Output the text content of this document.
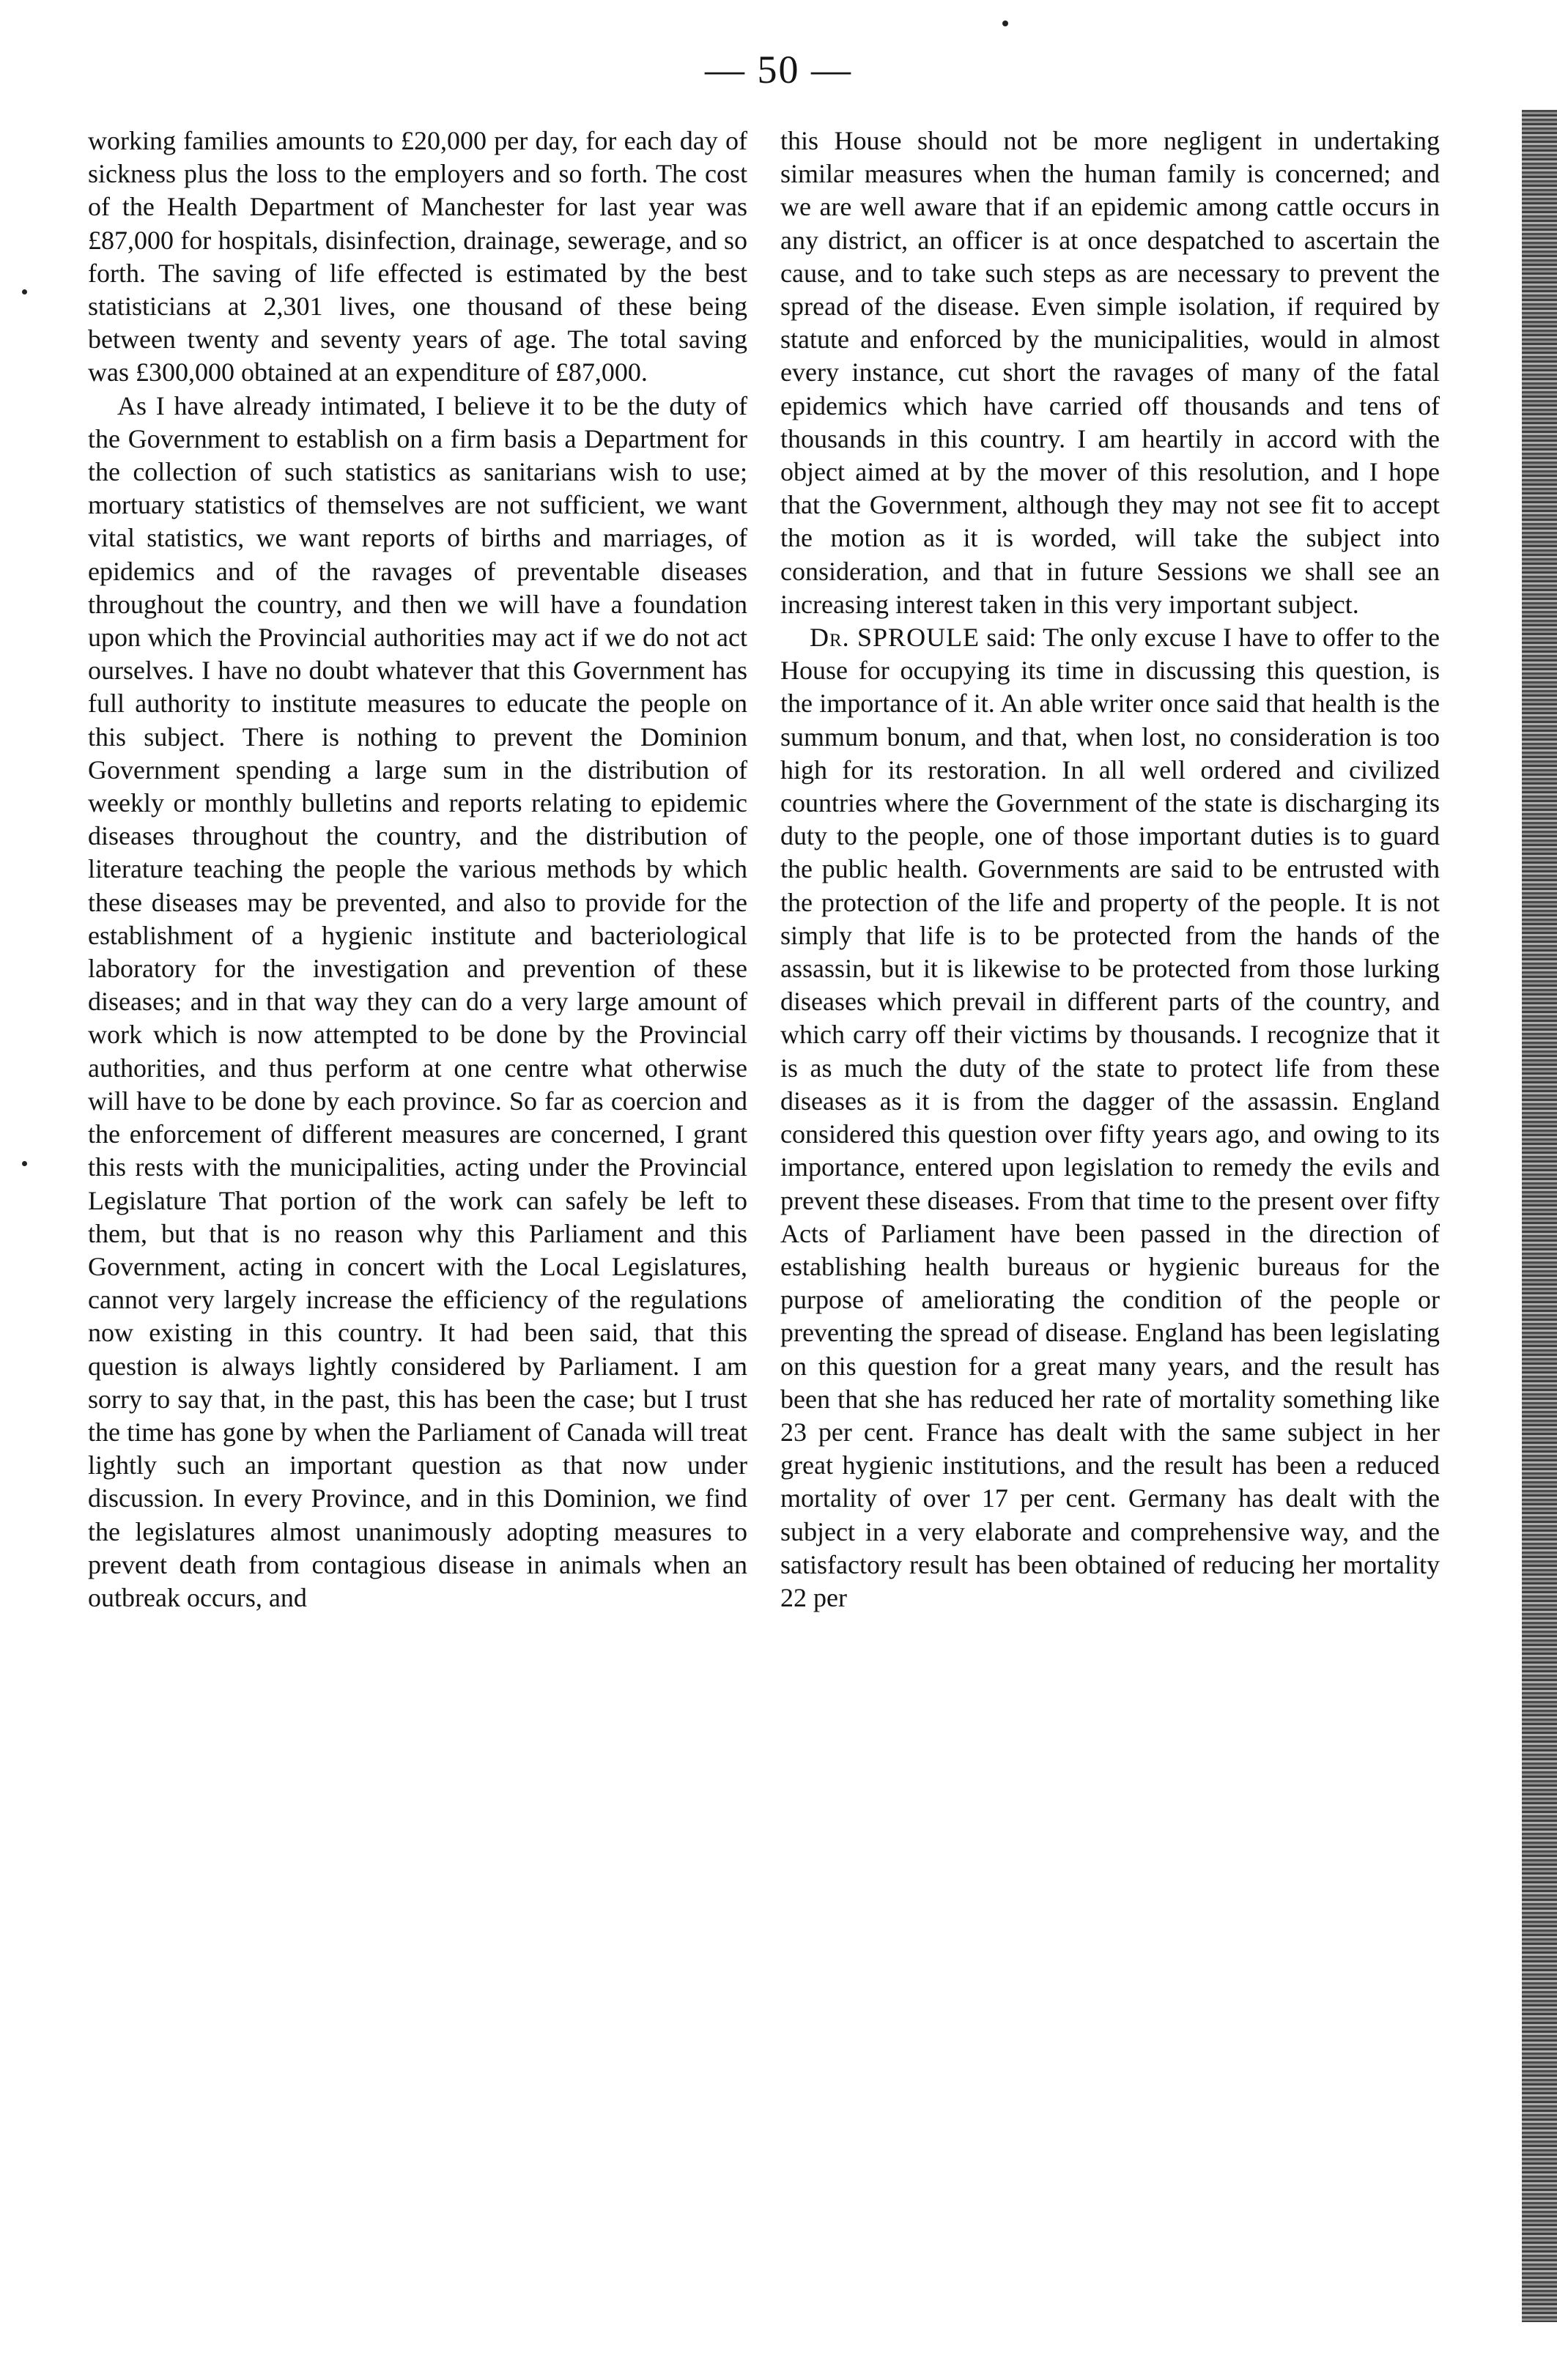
— 50 —

working families amounts to £20,000 per day, for each day of sickness plus the loss to the employers and so forth. The cost of the Health Department of Manchester for last year was £87,000 for hospitals, disinfection, drainage, sewerage, and so forth. The saving of life effected is estimated by the best statisticians at 2,301 lives, one thousand of these being between twenty and seventy years of age. The total saving was £300,000 obtained at an expenditure of £87,000.

As I have already intimated, I believe it to be the duty of the Government to establish on a firm basis a Department for the collection of such statistics as sanitarians wish to use; mortuary statistics of themselves are not sufficient, we want vital statistics, we want reports of births and marriages, of epidemics and of the ravages of preventable diseases throughout the country, and then we will have a foundation upon which the Provincial authorities may act if we do not act ourselves. I have no doubt whatever that this Government has full authority to institute measures to educate the people on this subject. There is nothing to prevent the Dominion Government spending a large sum in the distribution of weekly or monthly bulletins and reports relating to epidemic diseases throughout the country, and the distribution of literature teaching the people the various methods by which these diseases may be prevented, and also to provide for the establishment of a hygienic institute and bacteriological laboratory for the investigation and prevention of these diseases; and in that way they can do a very large amount of work which is now attempted to be done by the Provincial authorities, and thus perform at one centre what otherwise will have to be done by each province. So far as coercion and the enforcement of different measures are concerned, I grant this rests with the municipalities, acting under the Provincial Legislature That portion of the work can safely be left to them, but that is no reason why this Parliament and this Government, acting in concert with the Local Legislatures, cannot very largely increase the efficiency of the regulations now existing in this country. It had been said, that this question is always lightly considered by Parliament. I am sorry to say that, in the past, this has been the case; but I trust the time has gone by when the Parliament of Canada will treat lightly such an important question as that now under discussion. In every Province, and in this Dominion, we find the legislatures almost unanimously adopting measures to prevent death from contagious disease in animals when an outbreak occurs, and

this House should not be more negligent in undertaking similar measures when the human family is concerned; and we are well aware that if an epidemic among cattle occurs in any district, an officer is at once despatched to ascertain the cause, and to take such steps as are necessary to prevent the spread of the disease. Even simple isolation, if required by statute and enforced by the municipalities, would in almost every instance, cut short the ravages of many of the fatal epidemics which have carried off thousands and tens of thousands in this country. I am heartily in accord with the object aimed at by the mover of this resolution, and I hope that the Government, although they may not see fit to accept the motion as it is worded, will take the subject into consideration, and that in future Sessions we shall see an increasing interest taken in this very important subject.

Dr. SPROULE said: The only excuse I have to offer to the House for occupying its time in discussing this question, is the importance of it. An able writer once said that health is the summum bonum, and that, when lost, no consideration is too high for its restoration. In all well ordered and civilized countries where the Government of the state is discharging its duty to the people, one of those important duties is to guard the public health. Governments are said to be entrusted with the protection of the life and property of the people. It is not simply that life is to be protected from the hands of the assassin, but it is likewise to be protected from those lurking diseases which prevail in different parts of the country, and which carry off their victims by thousands. I recognize that it is as much the duty of the state to protect life from these diseases as it is from the dagger of the assassin. England considered this question over fifty years ago, and owing to its importance, entered upon legislation to remedy the evils and prevent these diseases. From that time to the present over fifty Acts of Parliament have been passed in the direction of establishing health bureaus or hygienic bureaus for the purpose of ameliorating the condition of the people or preventing the spread of disease. England has been legislating on this question for a great many years, and the result has been that she has reduced her rate of mortality something like 23 per cent. France has dealt with the same subject in her great hygienic institutions, and the result has been a reduced mortality of over 17 per cent. Germany has dealt with the subject in a very elaborate and comprehensive way, and the satisfactory result has been obtained of reducing her mortality 22 per
